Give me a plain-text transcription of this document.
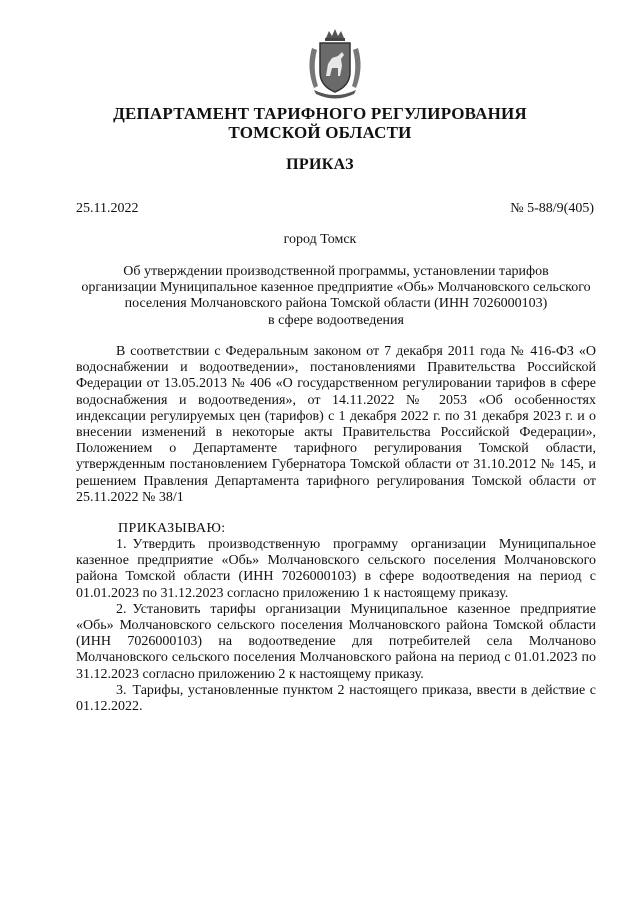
ДЕПАРТАМЕНТ ТАРИФНОГО РЕГУЛИРОВАНИЯ
ТОМСКОЙ ОБЛАСТИ
ПРИКАЗ
25.11.2022	№ 5-88/9(405)
город Томск
Об утверждении производственной программы, установлении тарифов
организации Муниципальное казенное предприятие «Обь» Молчановского сельского
поселения Молчановского района Томской области (ИНН 7026000103)
в сфере водоотведения
В соответствии с Федеральным законом от 7 декабря 2011 года № 416-ФЗ «О водоснабжении и водоотведении», постановлениями Правительства Российской Федерации от 13.05.2013 № 406 «О государственном регулировании тарифов в сфере водоснабжения и водоотведения», от 14.11.2022 № 2053 «Об особенностях индексации регулируемых цен (тарифов) с 1 декабря 2022 г. по 31 декабря 2023 г. и о внесении изменений в некоторые акты Правительства Российской Федерации», Положением о Департаменте тарифного регулирования Томской области, утвержденным постановлением Губернатора Томской области от 31.10.2012 № 145, и решением Правления Департамента тарифного регулирования Томской области от 25.11.2022 № 38/1
ПРИКАЗЫВАЮ:

1. Утвердить производственную программу организации Муниципальное казенное предприятие «Обь» Молчановского сельского поселения Молчановского района Томской области (ИНН 7026000103) в сфере водоотведения на период с 01.01.2023 по 31.12.2023 согласно приложению 1 к настоящему приказу.

2. Установить тарифы организации Муниципальное казенное предприятие «Обь» Молчановского сельского поселения Молчановского района Томской области (ИНН 7026000103) на водоотведение для потребителей села Молчаново Молчановского сельского поселения Молчановского района на период с 01.01.2023 по 31.12.2023 согласно приложению 2 к настоящему приказу.

3. Тарифы, установленные пунктом 2 настоящего приказа, ввести в действие с 01.12.2022.
